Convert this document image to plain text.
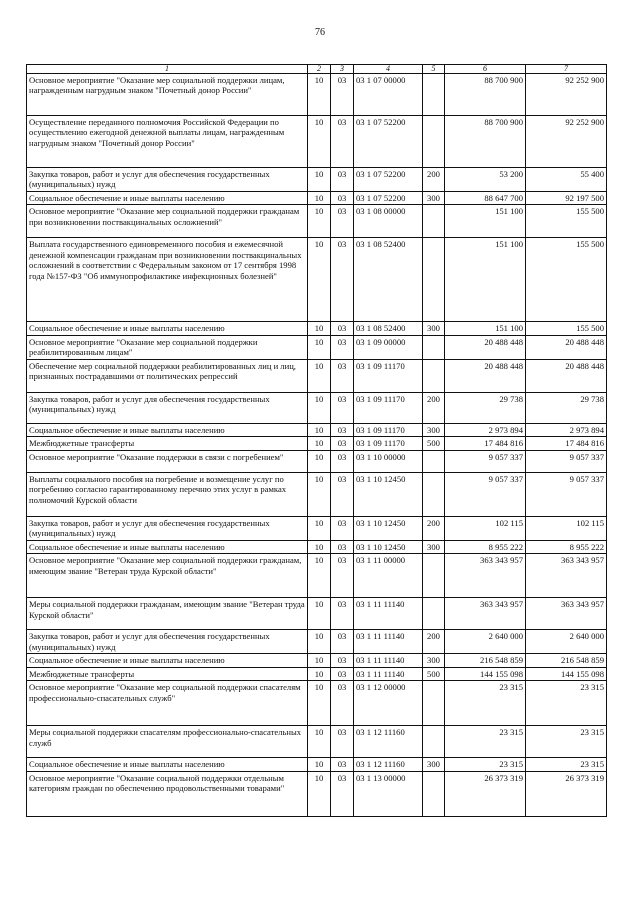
76
1	2	3	4	5	6	7
Основное мероприятие "Оказание мер социальной поддержки лицам, награжденным нагрудным знаком "Почетный донор России"	10	03	03 1 07 00000		88 700 900	92 252 900
Осуществление переданного полномочия Российской Федерации по осуществлению ежегодной денежной выплаты лицам, награжденным нагрудным знаком "Почетный донор России"	10	03	03 1 07 52200		88 700 900	92 252 900
Закупка товаров, работ и услуг для обеспечения государственных (муниципальных) нужд	10	03	03 1 07 52200	200	53 200	55 400
Социальное обеспечение и иные выплаты населению	10	03	03 1 07 52200	300	88 647 700	92 197 500
Основное мероприятие "Оказание мер социальной поддержки гражданам при возникновении поствакцинальных осложнений"	10	03	03 1 08 00000		151 100	155 500
Выплата государственного единовременного пособия и ежемесячной денежной компенсации гражданам при возникновении поствакцинальных осложнений в соответствии с Федеральным законом от 17 сентября 1998 года №157-ФЗ "Об иммунопрофилактике инфекционных болезней"	10	03	03 1 08 52400		151 100	155 500
Социальное обеспечение и иные выплаты населению	10	03	03 1 08 52400	300	151 100	155 500
Основное мероприятие "Оказание мер социальной поддержки реабилитированным лицам"	10	03	03 1 09 00000		20 488 448	20 488 448
Обеспечение мер социальной поддержки реабилитированных лиц и лиц, признанных пострадавшими от политических репрессий	10	03	03 1 09 11170		20 488 448	20 488 448
Закупка товаров, работ и услуг для обеспечения государственных (муниципальных) нужд	10	03	03 1 09 11170	200	29 738	29 738
Социальное обеспечение и иные выплаты населению	10	03	03 1 09 11170	300	2 973 894	2 973 894
Межбюджетные трансферты	10	03	03 1 09 11170	500	17 484 816	17 484 816
Основное мероприятие "Оказание поддержки в связи с погребением"	10	03	03 1 10 00000		9 057 337	9 057 337
Выплаты социального пособия на погребение и возмещение услуг по погребению согласно гарантированному перечню этих услуг в рамках полномочий Курской области	10	03	03 1 10 12450		9 057 337	9 057 337
Закупка товаров, работ и услуг для обеспечения государственных (муниципальных) нужд	10	03	03 1 10 12450	200	102 115	102 115
Социальное обеспечение и иные выплаты населению	10	03	03 1 10 12450	300	8 955 222	8 955 222
Основное мероприятие "Оказание мер социальной поддержки гражданам, имеющим звание "Ветеран труда Курской области"	10	03	03 1 11 00000		363 343 957	363 343 957
Меры социальной поддержки гражданам, имеющим звание "Ветеран труда Курской области"	10	03	03 1 11 11140		363 343 957	363 343 957
Закупка товаров, работ и услуг для обеспечения государственных (муниципальных) нужд	10	03	03 1 11 11140	200	2 640 000	2 640 000
Социальное обеспечение и иные выплаты населению	10	03	03 1 11 11140	300	216 548 859	216 548 859
Межбюджетные трансферты	10	03	03 1 11 11140	500	144 155 098	144 155 098
Основное мероприятие "Оказание мер социальной поддержки спасателям профессионально-спасательных служб"	10	03	03 1 12 00000		23 315	23 315
Меры социальной поддержки спасателям профессионально-спасательных служб	10	03	03 1 12 11160		23 315	23 315
Социальное обеспечение и иные выплаты населению	10	03	03 1 12 11160	300	23 315	23 315
Основное мероприятие "Оказание социальной поддержки отдельным категориям граждан по обеспечению продовольственными товарами"	10	03	03 1 13 00000		26 373 319	26 373 319
